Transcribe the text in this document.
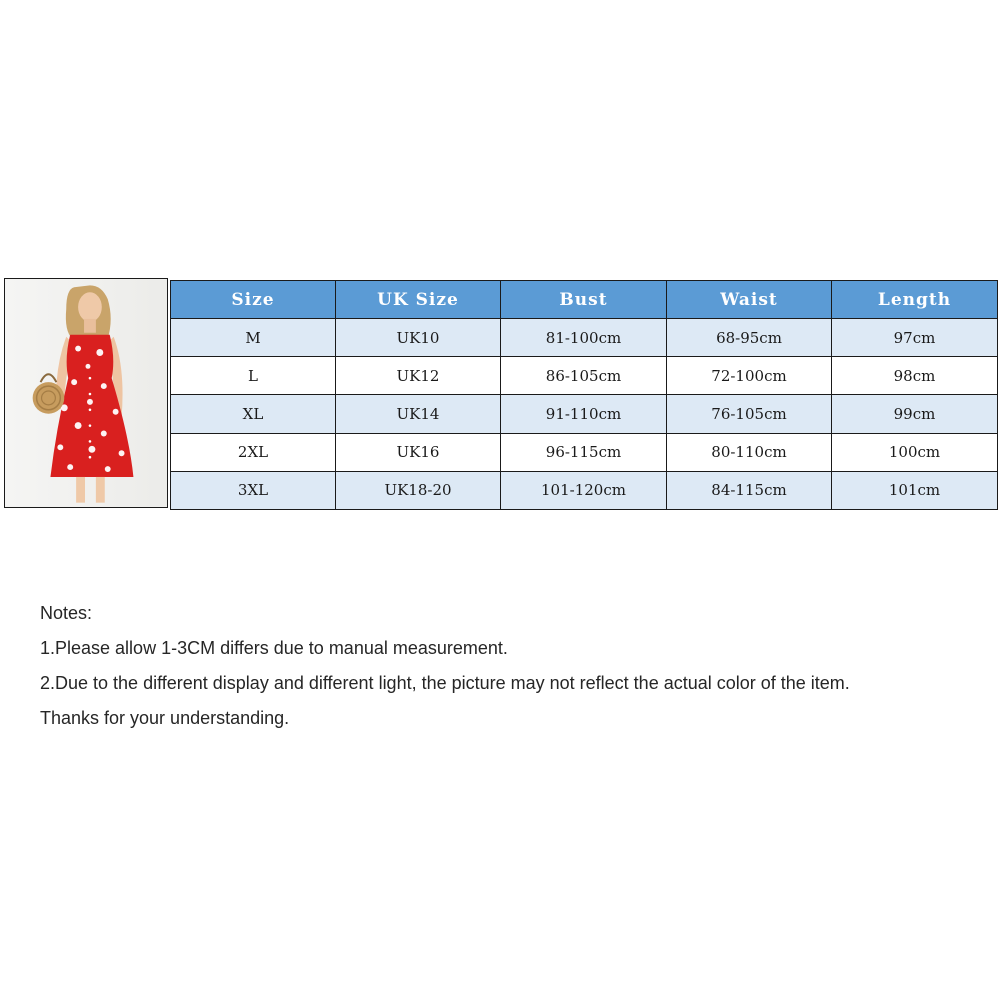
Size	UK Size	Bust	Waist	Length
M	UK10	81-100cm	68-95cm	97cm
L	UK12	86-105cm	72-100cm	98cm
XL	UK14	91-110cm	76-105cm	99cm
2XL	UK16	96-115cm	80-110cm	100cm
3XL	UK18-20	101-120cm	84-115cm	101cm

Notes:

1.Please allow 1-3CM differs due to manual measurement.

2.Due to the different display and different light, the picture may not reflect the actual color of the item.

Thanks for your understanding.
